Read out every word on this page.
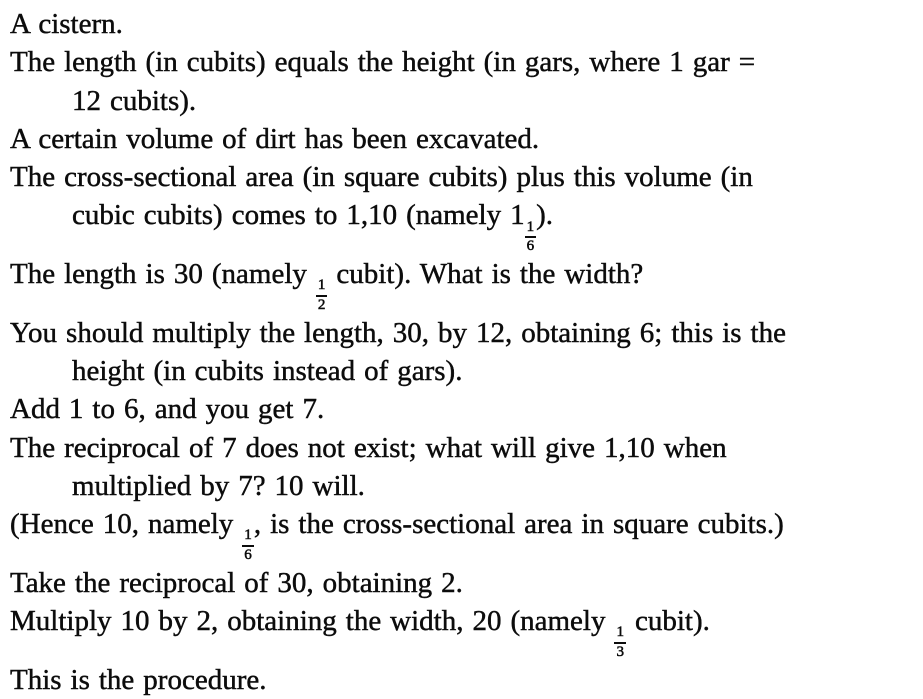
A cistern.
The length (in cubits) equals the height (in gars, where 1 gar =
12 cubits).
A certain volume of dirt has been excavated.
The cross-sectional area (in square cubits) plus this volume (in
cubic cubits) comes to 1,10 (namely 1
$\frac{1}{6}$
).
The length is 30 (namely
$\frac{1}{2}$
cubit). What is the width?
You should multiply the length, 30, by 12, obtaining 6; this is the
height (in cubits instead of gars).
Add 1 to 6, and you get 7.
The reciprocal of 7 does not exist; what will give 1,10 when
multiplied by 7? 10 will.
(Hence 10, namely
$\frac{1}{6}$
, is the cross-sectional area in square cubits.)
Take the reciprocal of 30, obtaining 2.
Multiply 10 by 2, obtaining the width, 20 (namely
$\frac{1}{3}$
cubit).
This is the procedure.
